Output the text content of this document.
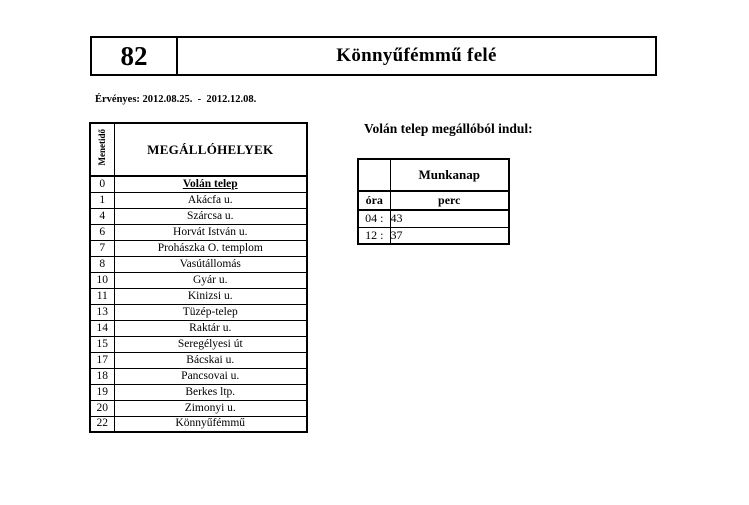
82	Könnyűfémmű felé
Érvényes: 2012.08.25.  -  2012.12.08.
Menetidő	MEGÁLLÓHELYEK
0	Volán telep
1	Akácfa u.
4	Szárcsa u.
6	Horvát István u.
7	Prohászka O. templom
8	Vasútállomás
10	Gyár u.
11	Kinizsi u.
13	Tüzép-telep
14	Raktár u.
15	Seregélyesi út
17	Bácskai u.
18	Pancsovai u.
19	Berkes ltp.
20	Zimonyi u.
22	Könnyűfémmű
Volán telep megállóból indul:
	Munkanap
óra	perc
04 :	43
12 :	37
